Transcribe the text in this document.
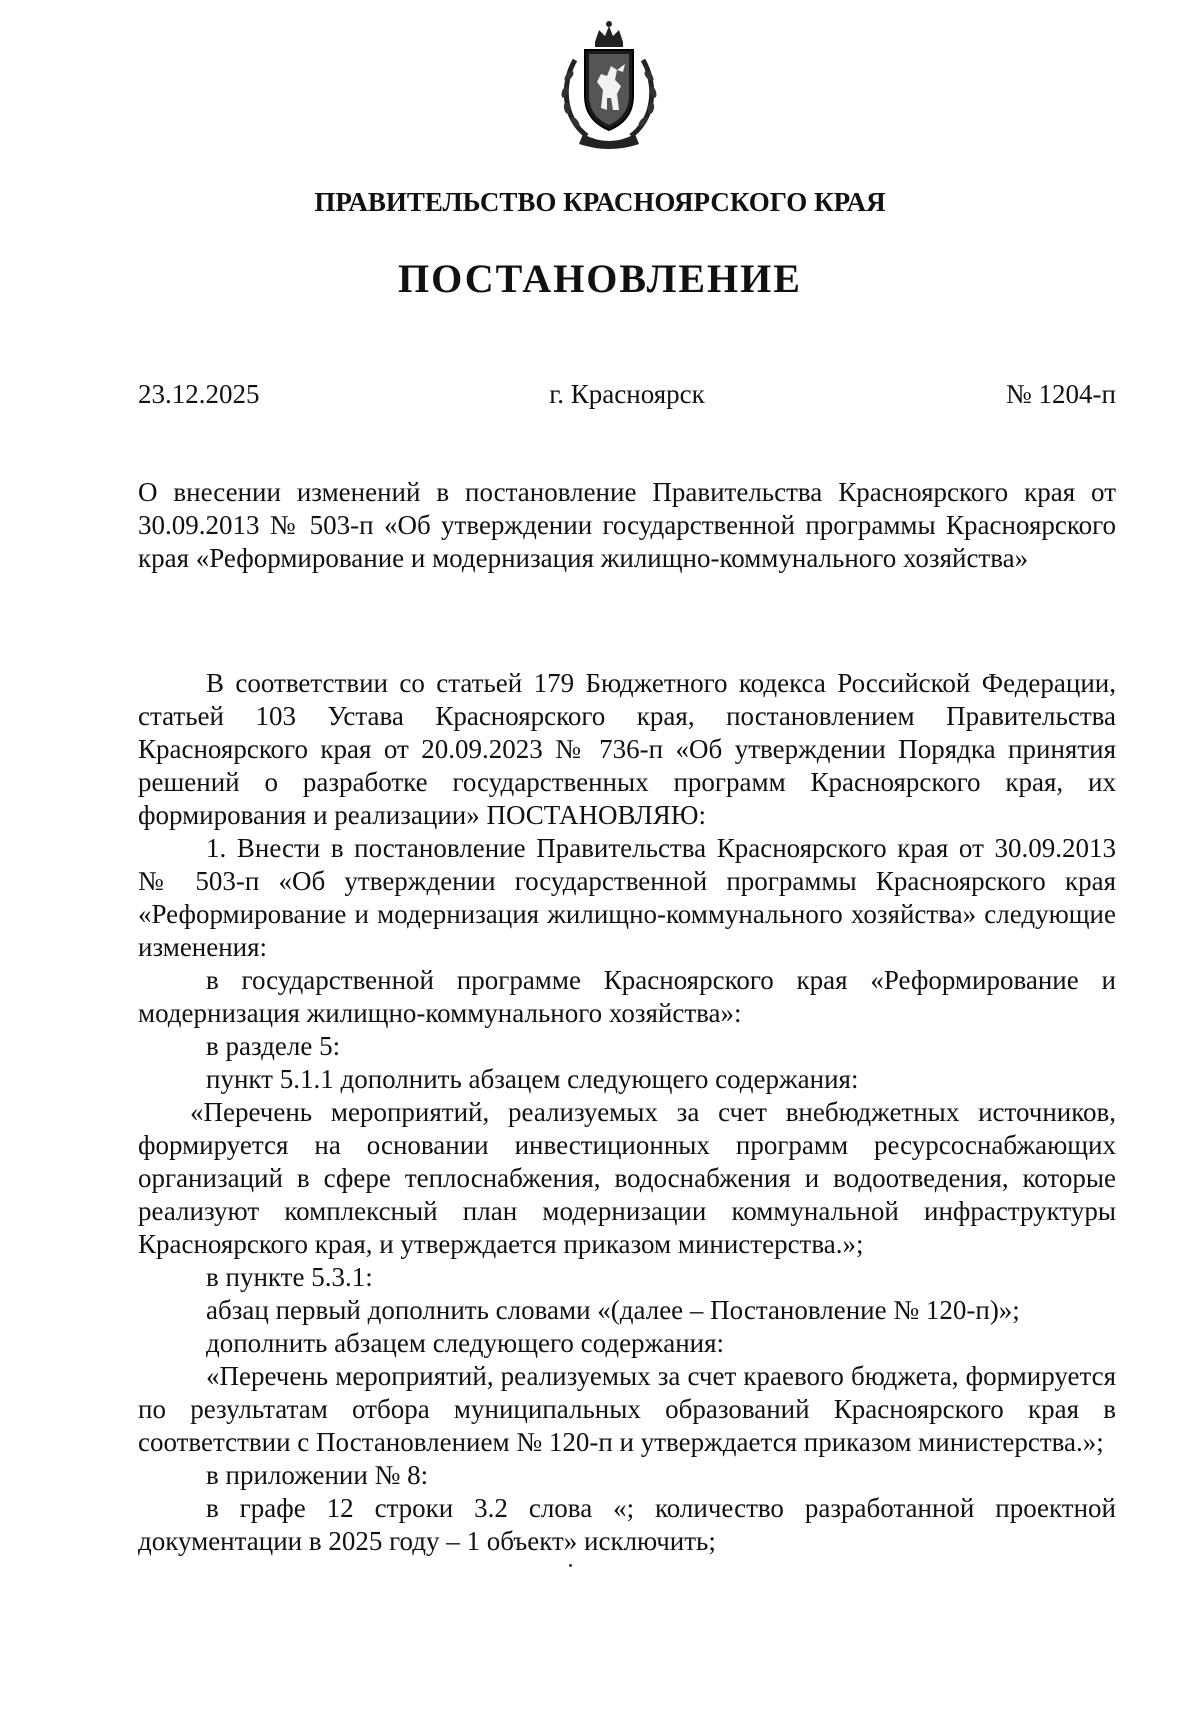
ПРАВИТЕЛЬСТВО КРАСНОЯРСКОГО КРАЯ
ПОСТАНОВЛЕНИЕ
23.12.2025	г. Красноярск	№ 1204-п

О внесении изменений в постановление Правительства Красноярского края от 30.09.2013 № 503-п «Об утверждении государственной программы Красноярского края «Реформирование и модернизация жилищно-коммунального хозяйства»

В соответствии со статьей 179 Бюджетного кодекса Российской Федерации, статьей 103 Устава Красноярского края, постановлением Правительства Красноярского края от 20.09.2023 № 736-п «Об утверждении Порядка принятия решений о разработке государственных программ Красноярского края, их формирования и реализации» ПОСТАНОВЛЯЮ:

1. Внести в постановление Правительства Красноярского края от 30.09.2013 № 503-п «Об утверждении государственной программы Красноярского края «Реформирование и модернизация жилищно-коммунального хозяйства» следующие изменения:

в государственной программе Красноярского края «Реформирование и модернизация жилищно-коммунального хозяйства»:

в разделе 5:

пункт 5.1.1 дополнить абзацем следующего содержания:

«Перечень мероприятий, реализуемых за счет внебюджетных источников, формируется на основании инвестиционных программ ресурсоснабжающих организаций в сфере теплоснабжения, водоснабжения и водоотведения, которые реализуют комплексный план модернизации коммунальной инфраструктуры Красноярского края, и утверждается приказом министерства.»;

в пункте 5.3.1:

абзац первый дополнить словами «(далее – Постановление № 120-п)»;

дополнить абзацем следующего содержания:

«Перечень мероприятий, реализуемых за счет краевого бюджета, формируется по результатам отбора муниципальных образований Красноярского края в соответствии с Постановлением № 120-п и утверждается приказом министерства.»;

в приложении № 8:

в графе 12 строки 3.2 слова «; количество разработанной проектной документации в 2025 году – 1 объект» исключить;
